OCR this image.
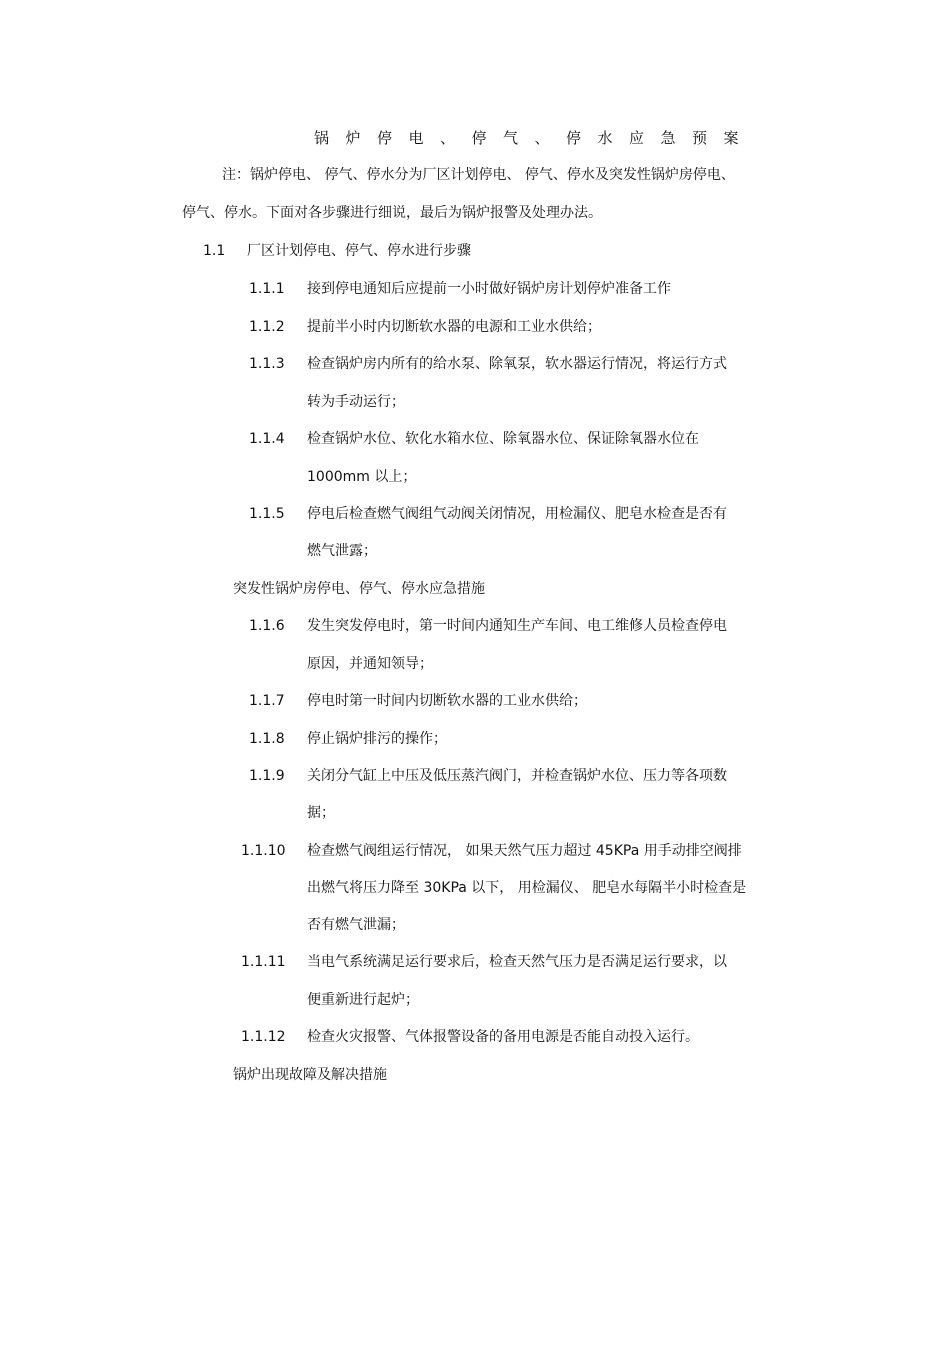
锅炉停电、停气、停水应急预案
注：锅炉停电、 停气、停水分为厂区计划停电、 停气、停水及突发性锅炉房停电、
停气、停水。下面对各步骤进行细说，最后为锅炉报警及处理办法。
1.1 厂区计划停电、停气、停水进行步骤
1.1.1 接到停电通知后应提前一小时做好锅炉房计划停炉准备工作
1.1.2 提前半小时内切断软水器的电源和工业水供给；
1.1.3 检查锅炉房内所有的给水泵、除氧泵，软水器运行情况，将运行方式
转为手动运行；
1.1.4 检查锅炉水位、软化水箱水位、除氧器水位、保证除氧器水位在
1000mm 以上；
1.1.5 停电后检查燃气阀组气动阀关闭情况，用检漏仪、肥皂水检查是否有
燃气泄露；
突发性锅炉房停电、停气、停水应急措施
1.1.6 发生突发停电时，第一时间内通知生产车间、电工维修人员检查停电
原因，并通知领导；
1.1.7 停电时第一时间内切断软水器的工业水供给；
1.1.8 停止锅炉排污的操作；
1.1.9 关闭分气缸上中压及低压蒸汽阀门，并检查锅炉水位、压力等各项数
据；
1.1.10 检查燃气阀组运行情况， 如果天然气压力超过 45KPa 用手动排空阀排
出燃气将压力降至 30KPa 以下， 用检漏仪、 肥皂水每隔半小时检查是
否有燃气泄漏；
1.1.11 当电气系统满足运行要求后，检查天然气压力是否满足运行要求，以
便重新进行起炉；
1.1.12 检查火灾报警、气体报警设备的备用电源是否能自动投入运行。
锅炉出现故障及解决措施
